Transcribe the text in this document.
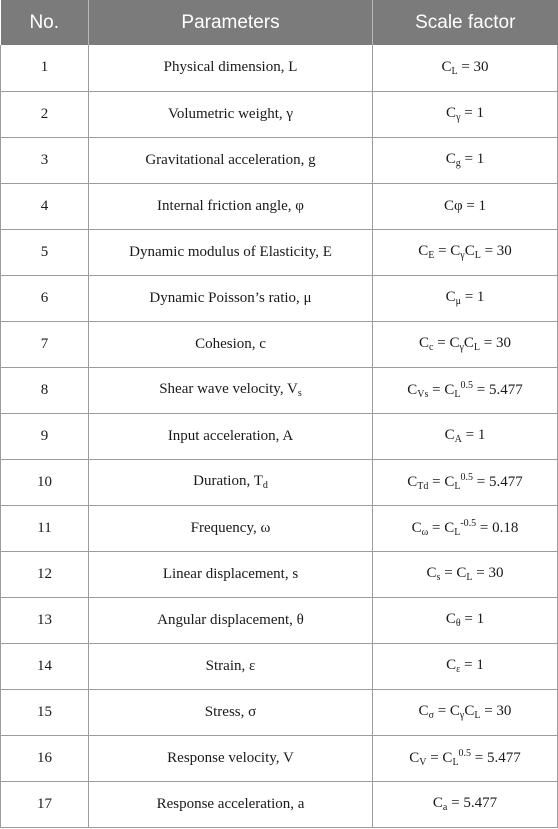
No.	Parameters	Scale factor
1	Physical dimension, L	$C_L = 30$
2	Volumetric weight, γ	$C_\gamma = 1$
3	Gravitational acceleration, g	$C_g = 1$
4	Internal friction angle, φ	Cφ = 1
5	Dynamic modulus of Elasticity, E	$C_E = C_\gamma C_L = 30$
6	Dynamic Poisson’s ratio, μ	$C_\mu = 1$
7	Cohesion, c	$C_c = C_\gamma C_L = 30$
8	Shear wave velocity, $V_s$	$C_{Vs} = C_L^{0.5} = 5.477$
9	Input acceleration, A	$C_A = 1$
10	Duration, $T_d$	$C_{Td} = C_L^{0.5} = 5.477$
11	Frequency, ω	$C_\omega = C_L^{-0.5} = 0.18$
12	Linear displacement, s	$C_s = C_L = 30$
13	Angular displacement, θ	$C_\theta = 1$
14	Strain, ε	$C_\varepsilon = 1$
15	Stress, σ	$C_\sigma = C_\gamma C_L = 30$
16	Response velocity, V	$C_V = C_L^{0.5} = 5.477$
17	Response acceleration, a	$C_a = 5.477$
